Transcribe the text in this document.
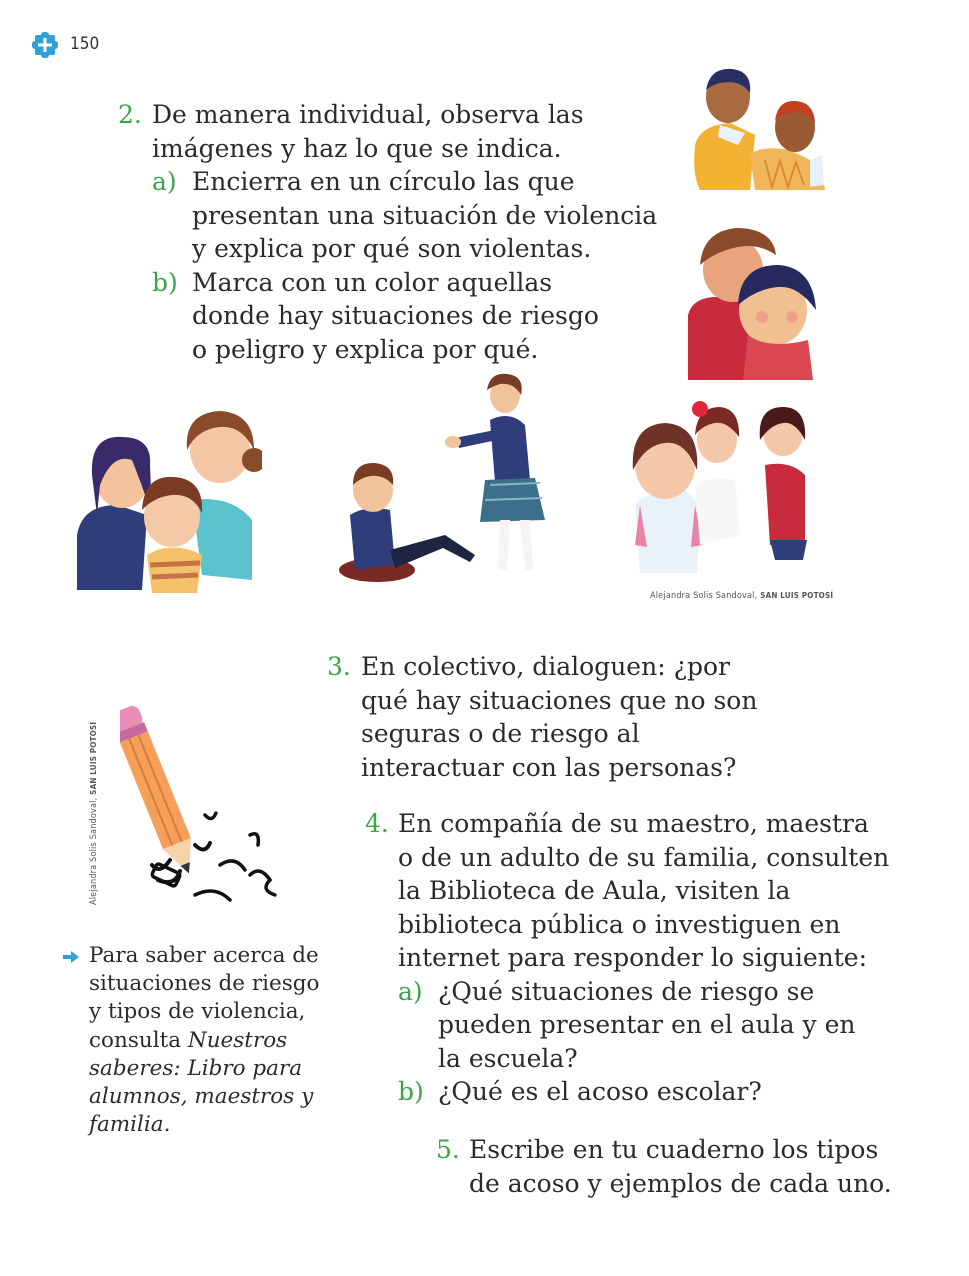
150
2. De manera individual, observa las imágenes y haz lo que se indica.
a) Encierra en un círculo las que presentan una situación de violencia y explica por qué son violentas.
b) Marca con un color aquellas donde hay situaciones de riesgo o peligro y explica por qué.
Alejandra Solis Sandoval, SAN LUIS POTOSÍ
Alejandra Solis Sandoval, SAN LUIS POTOSÍ
3. En colectivo, dialoguen: ¿por qué hay situaciones que no son seguras o de riesgo al interactuar con las personas?
4. En compañía de su maestro, maestra o de un adulto de su familia, consulten la Biblioteca de Aula, visiten la biblioteca pública o investiguen en internet para responder lo siguiente:
a) ¿Qué situaciones de riesgo se pueden presentar en el aula y en la escuela?
b) ¿Qué es el acoso escolar?
5. Escribe en tu cuaderno los tipos de acoso y ejemplos de cada uno.
Para saber acerca de situaciones de riesgo y tipos de violencia, consulta Nuestros saberes: Libro para alumnos, maestros y familia.
